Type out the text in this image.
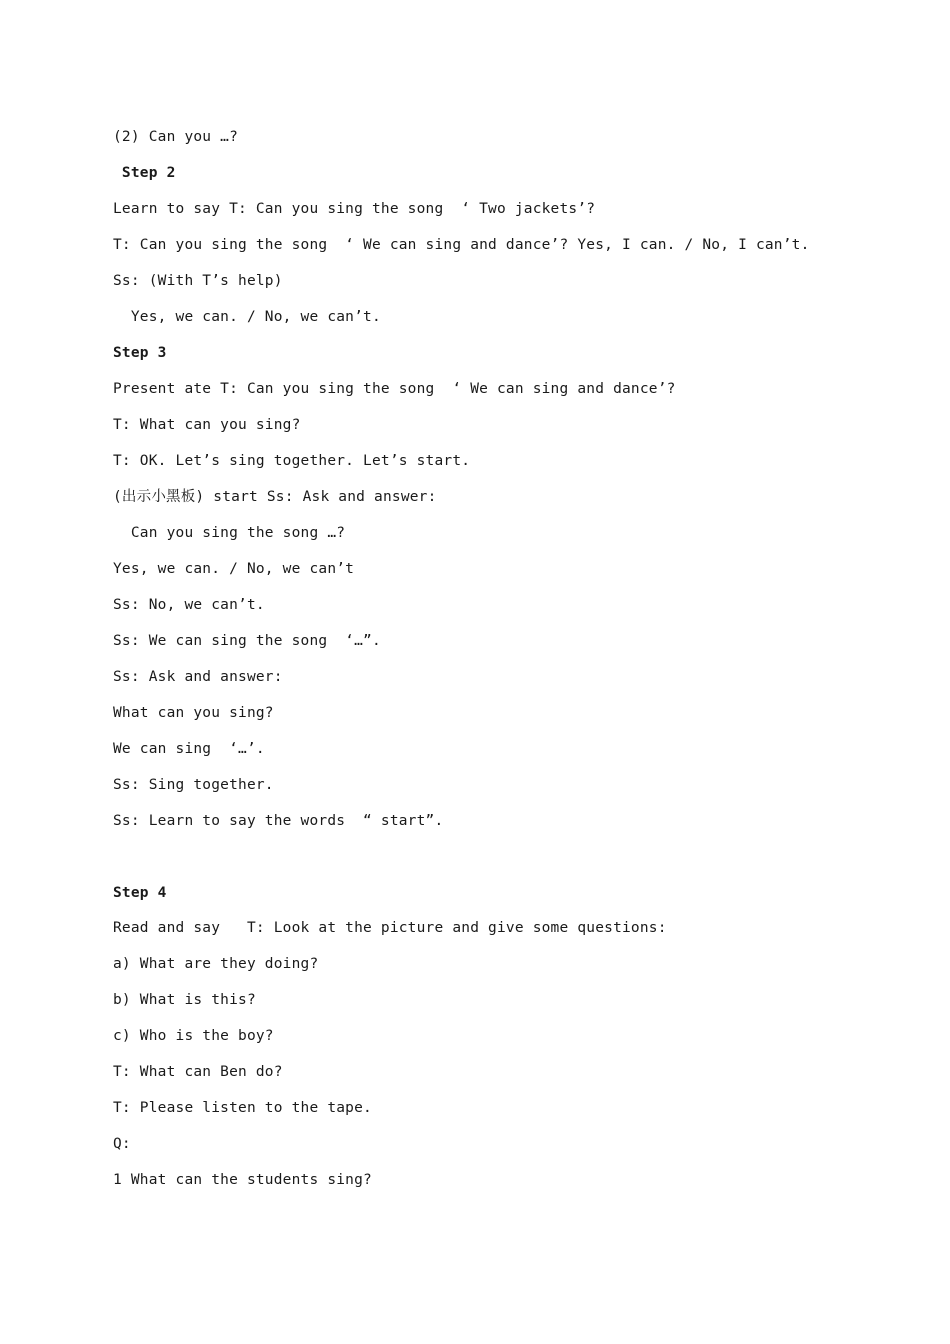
(2) Can you …?
Step 2
Learn to say T: Can you sing the song  ‘ Two jackets’?
T: Can you sing the song  ‘ We can sing and dance’? Yes, I can. / No, I can’t.
Ss: (With T’s help)
Yes, we can. / No, we can’t.
Step 3
Present ate T: Can you sing the song  ‘ We can sing and dance’?
T: What can you sing?
T: OK. Let’s sing together. Let’s start.
(出示小黑板) start Ss: Ask and answer:
Can you sing the song …?
Yes, we can. / No, we can’t
Ss: No, we can’t.
Ss: We can sing the song  ‘…”.
Ss: Ask and answer:
What can you sing?
We can sing  ‘…’.
Ss: Sing together.
Ss: Learn to say the words  “ start”.
Step 4
Read and say   T: Look at the picture and give some questions:
a) What are they doing?
b) What is this?
c) Who is the boy?
T: What can Ben do?
T: Please listen to the tape.
Q:
1 What can the students sing?
